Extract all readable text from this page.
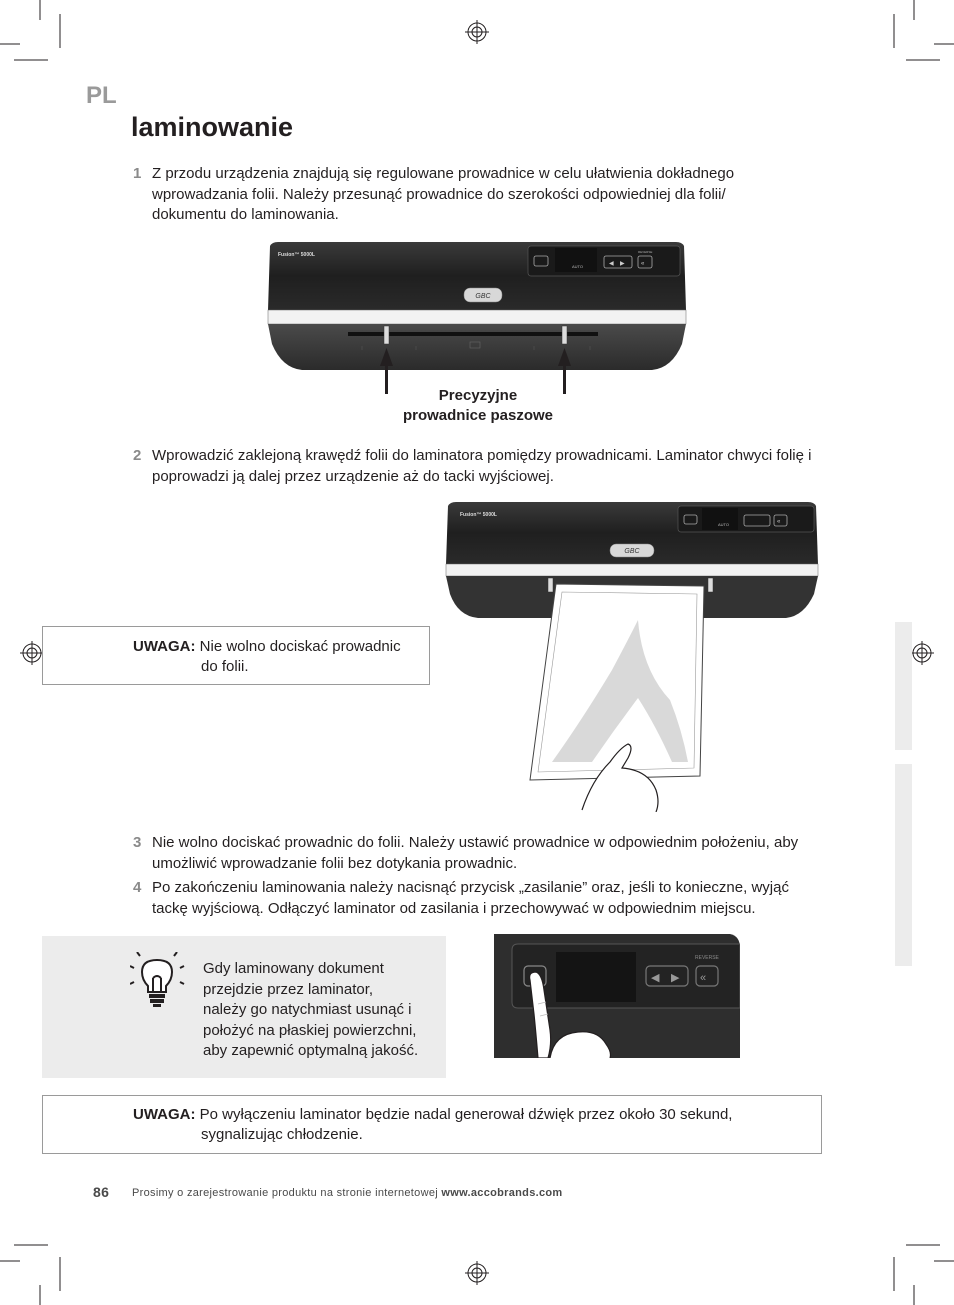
PL
laminowanie
1 Z przodu urządzenia znajdują się regulowane prowadnice w celu ułatwienia dokładnego wprowadzania folii. Należy przesunąć prowadnice do szerokości odpowiedniej dla folii/ dokumentu do laminowania.
Fusion™ 5000L
GBC
AUTO	◀ ▶	«
REVERSE
Precyzyjne
prowadnice paszowe
2 Wprowadzić zaklejoną krawędź folii do laminatora pomiędzy prowadnicami. Laminator chwyci folię i poprowadzi ją dalej przez urządzenie aż do tacki wyjściowej.
Fusion™ 5000L
GBC
AUTO	«
UWAGA: Nie wolno dociskać prowadnic
do folii.
3 Nie wolno dociskać prowadnic do folii. Należy ustawić prowadnice w odpowiednim położeniu, aby umożliwić wprowadzanie folii bez dotykania prowadnic.
4 Po zakończeniu laminowania należy nacisnąć przycisk „zasilanie” oraz, jeśli to konieczne, wyjąć tackę wyjściową. Odłączyć laminator od zasilania i przechowywać w odpowiednim miejscu.
Gdy laminowany dokument
przejdzie przez laminator,
należy go natychmiast usunąć i
położyć na płaskiej powierzchni,
aby zapewnić optymalną jakość.
◀ ▶ «
REVERSE
UWAGA: Po wyłączeniu laminator będzie nadal generował dźwięk przez około 30 sekund,
sygnalizując chłodzenie.
86 Prosimy o zarejestrowanie produktu na stronie internetowej www.accobrands.com
